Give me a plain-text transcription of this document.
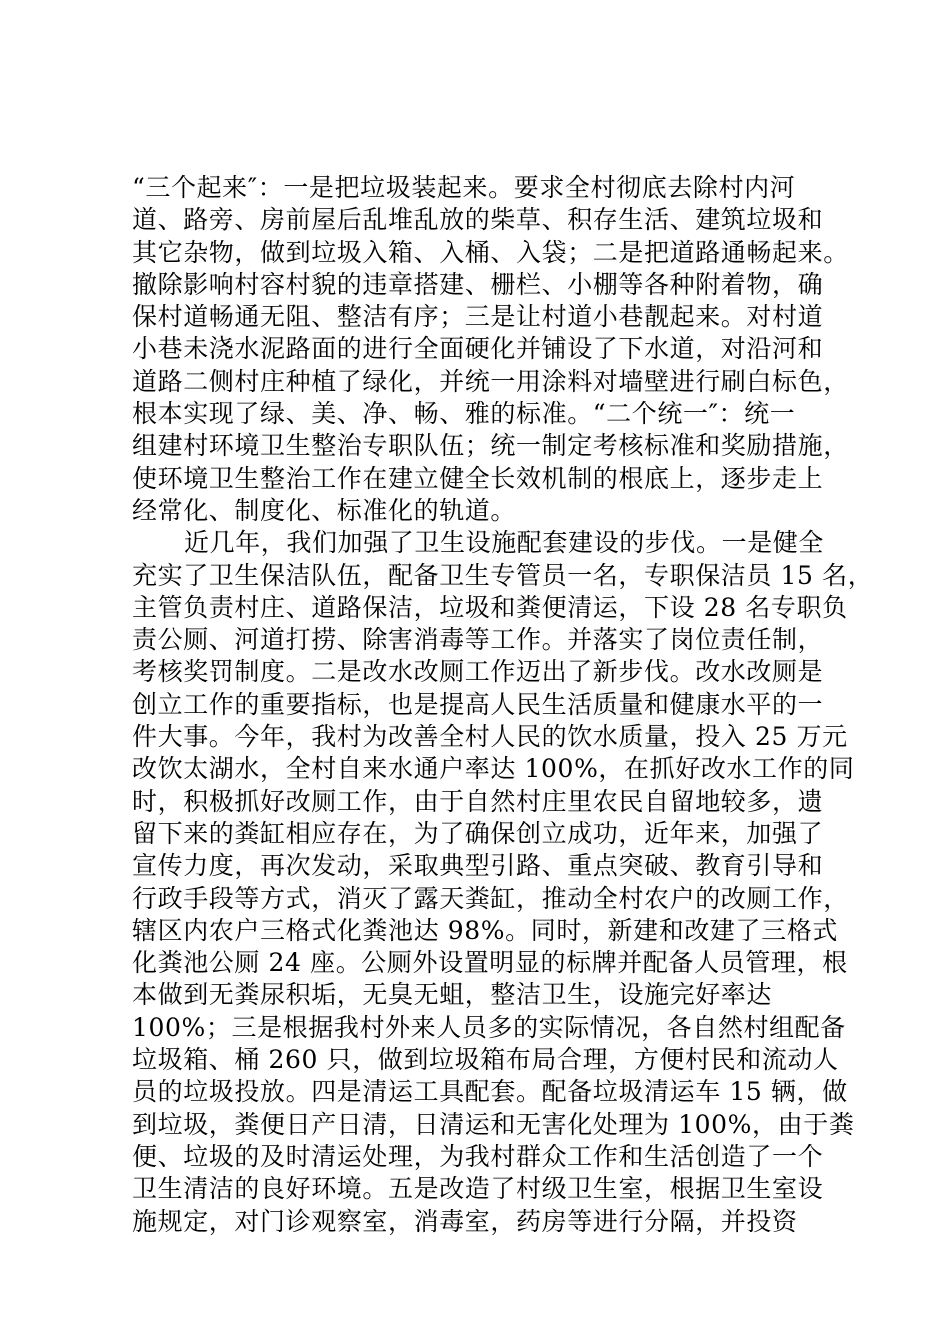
“三个起来″：一是把垃圾装起来。要求全村彻底去除村内河
道、路旁、房前屋后乱堆乱放的柴草、积存生活、建筑垃圾和
其它杂物，做到垃圾入箱、入桶、入袋；二是把道路通畅起来。
撤除影响村容村貌的违章搭建、栅栏、小棚等各种附着物，确
保村道畅通无阻、整洁有序；三是让村道小巷靓起来。对村道
小巷未浇水泥路面的进行全面硬化并铺设了下水道，对沿河和
道路二侧村庄种植了绿化，并统一用涂料对墙壁进行刷白标色，
根本实现了绿、美、净、畅、雅的标准。“二个统一″：统一
组建村环境卫生整治专职队伍；统一制定考核标准和奖励措施，
使环境卫生整治工作在建立健全长效机制的根底上，逐步走上
经常化、制度化、标准化的轨道。
近几年，我们加强了卫生设施配套建设的步伐。一是健全
充实了卫生保洁队伍，配备卫生专管员一名，专职保洁员 15 名，
主管负责村庄、道路保洁，垃圾和粪便清运，下设 28 名专职负
责公厕、河道打捞、除害消毒等工作。并落实了岗位责任制，
考核奖罚制度。二是改水改厕工作迈出了新步伐。改水改厕是
创立工作的重要指标，也是提高人民生活质量和健康水平的一
件大事。今年，我村为改善全村人民的饮水质量，投入 25 万元
改饮太湖水，全村自来水通户率达 100%，在抓好改水工作的同
时，积极抓好改厕工作，由于自然村庄里农民自留地较多，遗
留下来的粪缸相应存在，为了确保创立成功，近年来，加强了
宣传力度，再次发动，采取典型引路、重点突破、教育引导和
行政手段等方式，消灭了露天粪缸，推动全村农户的改厕工作，
辖区内农户三格式化粪池达 98%。同时，新建和改建了三格式
化粪池公厕 24 座。公厕外设置明显的标牌并配备人员管理，根
本做到无粪尿积垢，无臭无蛆，整洁卫生，设施完好率达
100%；三是根据我村外来人员多的实际情况，各自然村组配备
垃圾箱、桶 260 只，做到垃圾箱布局合理，方便村民和流动人
员的垃圾投放。四是清运工具配套。配备垃圾清运车 15 辆，做
到垃圾，粪便日产日清，日清运和无害化处理为 100%，由于粪
便、垃圾的及时清运处理，为我村群众工作和生活创造了一个
卫生清洁的良好环境。五是改造了村级卫生室，根据卫生室设
施规定，对门诊观察室，消毒室，药房等进行分隔，并投资
